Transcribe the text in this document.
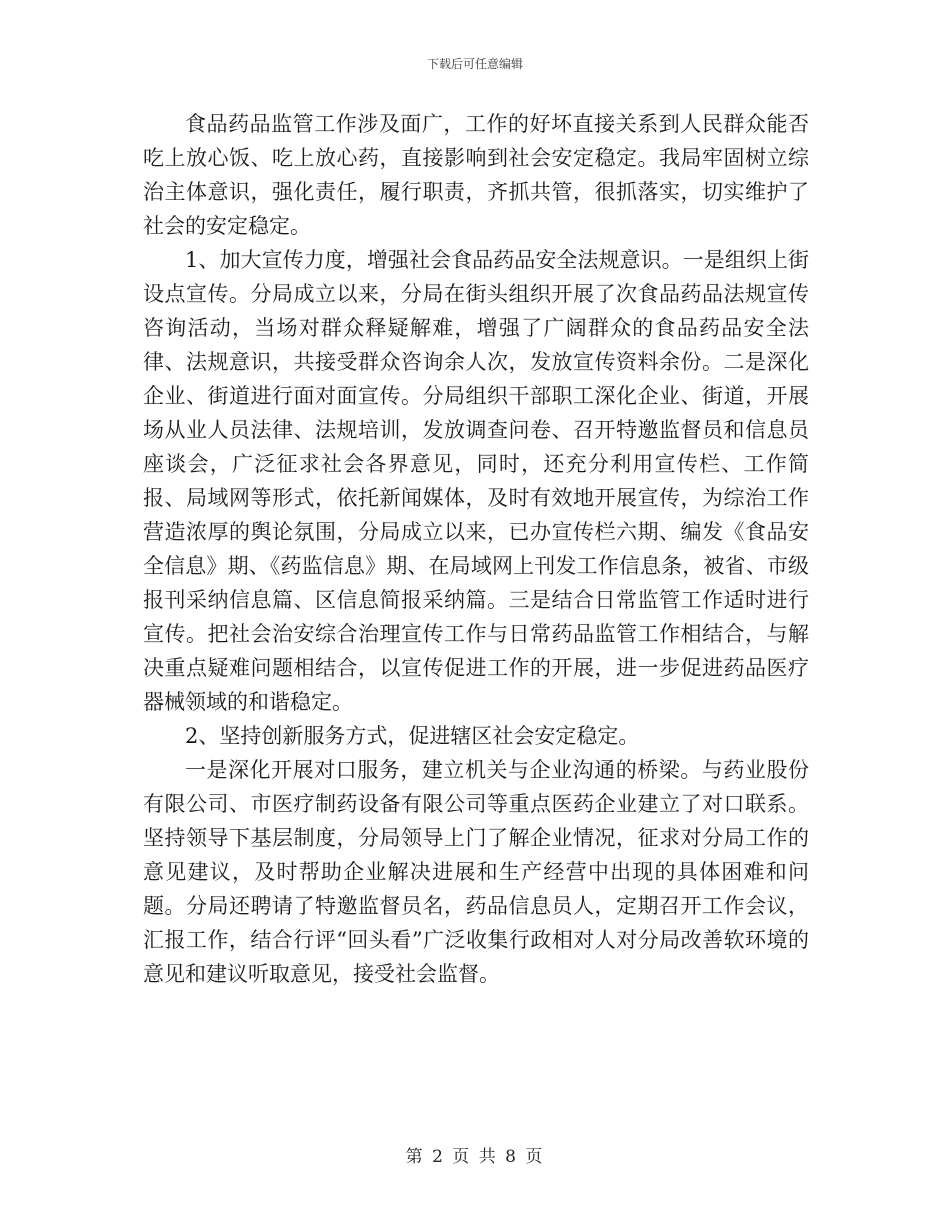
下载后可任意编辑

食品药品监管工作涉及面广，工作的好坏直接关系到人民群众能否吃上放心饭、吃上放心药，直接影响到社会安定稳定。我局牢固树立综治主体意识，强化责任，履行职责，齐抓共管，很抓落实，切实维护了社会的安定稳定。

1、加大宣传力度，增强社会食品药品安全法规意识。一是组织上街设点宣传。分局成立以来，分局在街头组织开展了次食品药品法规宣传咨询活动，当场对群众释疑解难，增强了广阔群众的食品药品安全法律、法规意识，共接受群众咨询余人次，发放宣传资料余份。二是深化企业、街道进行面对面宣传。分局组织干部职工深化企业、街道，开展场从业人员法律、法规培训，发放调查问卷、召开特邀监督员和信息员座谈会，广泛征求社会各界意见，同时，还充分利用宣传栏、工作简报、局域网等形式，依托新闻媒体，及时有效地开展宣传，为综治工作营造浓厚的舆论氛围，分局成立以来，已办宣传栏六期、编发《食品安全信息》期、《药监信息》期、在局域网上刊发工作信息条，被省、市级报刊采纳信息篇、区信息简报采纳篇。三是结合日常监管工作适时进行宣传。把社会治安综合治理宣传工作与日常药品监管工作相结合，与解决重点疑难问题相结合，以宣传促进工作的开展，进一步促进药品医疗器械领域的和谐稳定。

2、坚持创新服务方式，促进辖区社会安定稳定。

一是深化开展对口服务，建立机关与企业沟通的桥梁。与药业股份有限公司、市医疗制药设备有限公司等重点医药企业建立了对口联系。坚持领导下基层制度，分局领导上门了解企业情况，征求对分局工作的意见建议，及时帮助企业解决进展和生产经营中出现的具体困难和问题。分局还聘请了特邀监督员名，药品信息员人，定期召开工作会议，汇报工作，结合行评“回头看”广泛收集行政相对人对分局改善软环境的意见和建议听取意见，接受社会监督。

第 2 页 共 8 页
